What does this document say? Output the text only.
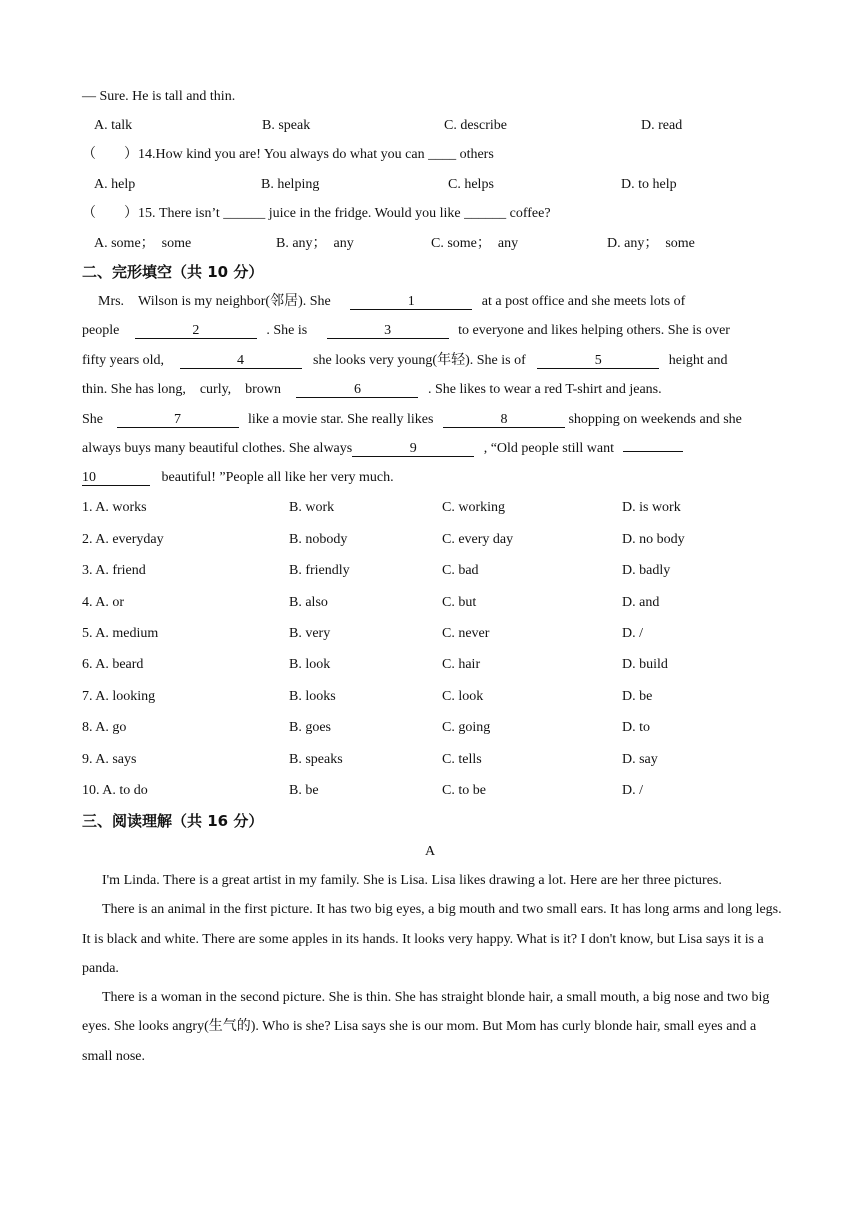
— Sure. He is tall and thin.
A. talk	B. speak	C. describe	D. read
（　　）14.How kind you are! You always do what you can ____ others
A. help	B. helping	C. helps	D. to help
（　　）15. There isn’t ______ juice in the fridge. Would you like ______ coffee?
A. some；　some	B. any；　any	C. some；　any	D. any；　some
二、完形填空（共 10 分）
Mrs.　Wilson is my neighbor(邻居). She	1	at a post office and she meets lots of
people	2	. She is	3	to everyone and likes helping others. She is over
fifty years old,	4	she looks very young(年轻). She is of	5	height and
thin. She has long,　curly,　brown	6	. She likes to wear a red T-shirt and jeans.
She	7	like a movie star. She really likes	8	shopping on weekends and she
always buys many beautiful clothes. She always	9	, “Old people still want
10	beautiful! ”People all like her very much.
1. A. works	B. work	C. working	D. is work
2. A. everyday	B. nobody	C. every day	D. no body
3. A. friend	B. friendly	C. bad	D. badly
4. A. or	B. also	C. but	D. and
5. A. medium	B. very	C. never	D. /
6. A. beard	B. look	C. hair	D. build
7. A. looking	B. looks	C. look	D. be
8. A. go	B. goes	C. going	D. to
9. A. says	B. speaks	C. tells	D. say
10. A. to do	B. be	C. to be	D. /
三、阅读理解（共 16 分）
A

I'm Linda. There is a great artist in my family. She is Lisa. Lisa likes drawing a lot. Here are her three pictures.

There is an animal in the first picture. It has two big eyes, a big mouth and two small ears. It has long arms and long legs. It is black and white. There are some apples in its hands. It looks very happy. What is it? I don't know, but Lisa says it is a panda.

There is a woman in the second picture. She is thin. She has straight blonde hair, a small mouth, a big nose and two big eyes. She looks angry(生气的). Who is she? Lisa says she is our mom. But Mom has curly blonde hair, small eyes and a small nose.
